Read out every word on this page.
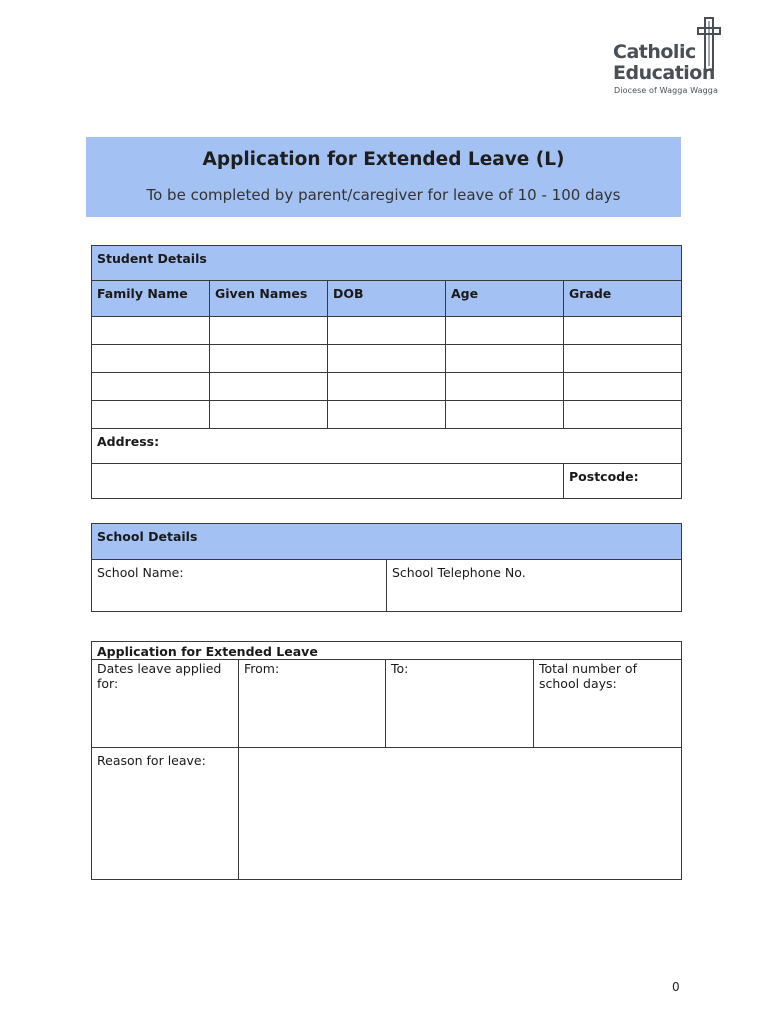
Catholic
Education
Diocese of Wagga Wagga
Application for Extended Leave (L)
To be completed by parent/caregiver for leave of 10 - 100 days
Student Details				
Family Name	Given Names	DOB	Age	Grade

Address:				
				Postcode:
School Details
School Name:	School Telephone No.
Application for Extended Leave			
Dates leave applied for:	From:	To:	Total number of school days:
Reason for leave:			
0
